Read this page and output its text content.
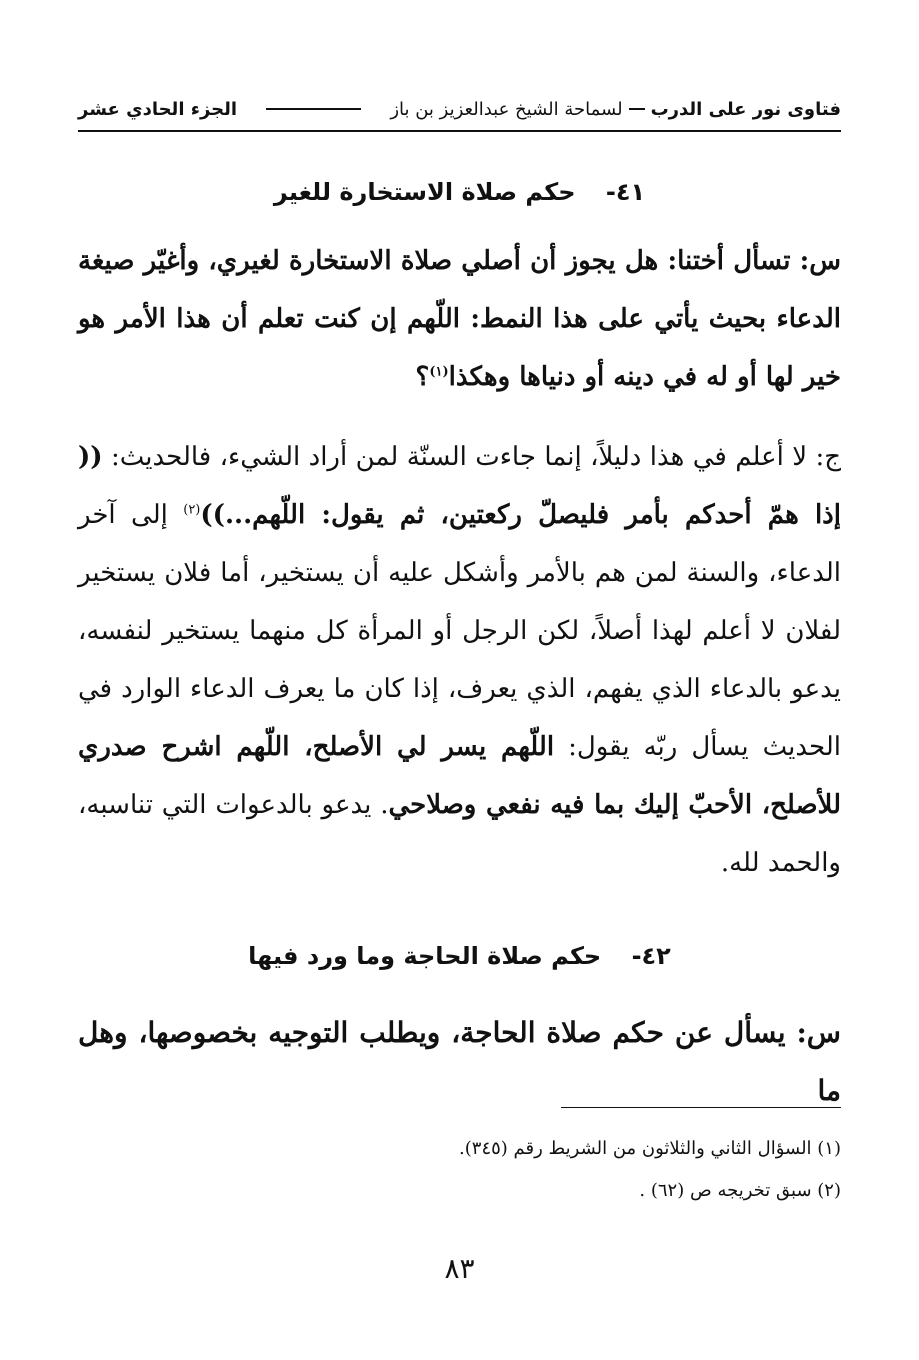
فتاوى نور على الدرب
لسماحة الشيخ عبدالعزيز بن باز
الجزء الحادي عشر
٤١- حكم صلاة الاستخارة للغير
س: تسأل أختنا: هل يجوز أن أصلي صلاة الاستخارة لغيري، وأغيّر صيغة الدعاء بحيث يأتي على هذا النمط: اللّهم إن كنت تعلم أن هذا الأمر هو خير لها أو له في دينه أو دنياها وهكذا$^{(١)}$؟
ج: لا أعلم في هذا دليلاً، إنما جاءت السنّة لمن أراد الشيء، فالحديث: (( إذا همّ أحدكم بأمر فليصلّ ركعتين، ثم يقول: اللّهم...))$^{(٢)}$ إلى آخر الدعاء، والسنة لمن هم بالأمر وأشكل عليه أن يستخير، أما فلان يستخير لفلان لا أعلم لهذا أصلاً، لكن الرجل أو المرأة كل منهما يستخير لنفسه، يدعو بالدعاء الذي يفهم، الذي يعرف، إذا كان ما يعرف الدعاء الوارد في الحديث يسأل ربّه يقول: اللّهم يسر لي الأصلح، اللّهم اشرح صدري للأصلح، الأحبّ إليك بما فيه نفعي وصلاحي. يدعو بالدعوات التي تناسبه، والحمد لله.
٤٢- حكم صلاة الحاجة وما ورد فيها
س: يسأل عن حكم صلاة الحاجة، ويطلب التوجيه بخصوصها، وهل ما
(١) السؤال الثاني والثلاثون من الشريط رقم (٣٤٥).
(٢) سبق تخريجه ص (٦٢) .
٨٣
